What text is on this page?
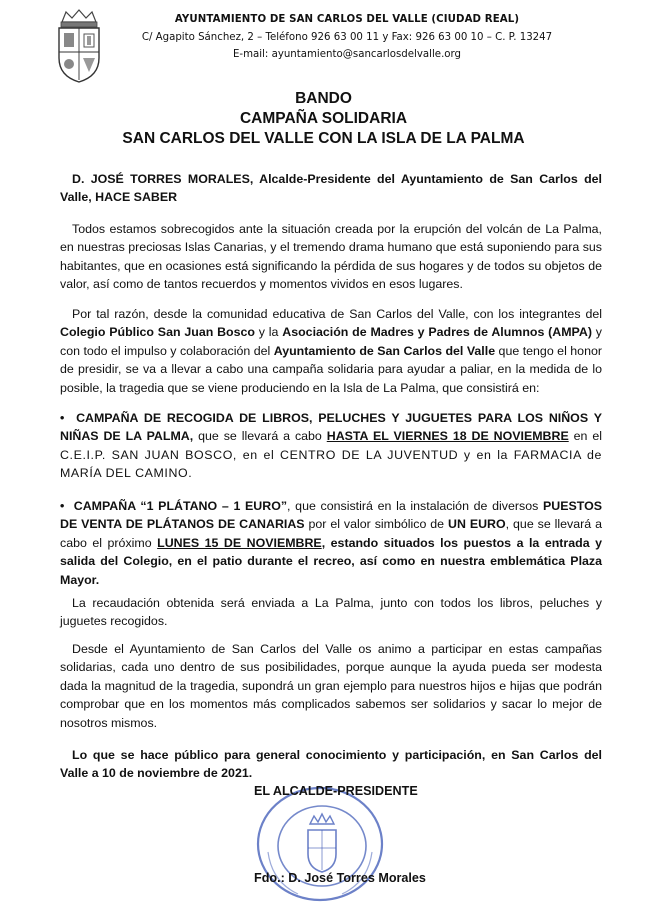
AYUNTAMIENTO DE SAN CARLOS DEL VALLE (CIUDAD REAL)
C/ Agapito Sánchez, 2 – Teléfono 926 63 00 11 y Fax: 926 63 00 10 – C. P. 13247
E-mail: ayuntamiento@sancarlosdelvalle.org
BANDO
CAMPAÑA SOLIDARIA
SAN CARLOS DEL VALLE CON LA ISLA DE LA PALMA
D. JOSÉ TORRES MORALES, Alcalde-Presidente del Ayuntamiento de San Carlos del Valle, HACE SABER
Todos estamos sobrecogidos ante la situación creada por la erupción del volcán de La Palma, en nuestras preciosas Islas Canarias, y el tremendo drama humano que está suponiendo para sus habitantes, que en ocasiones está significando la pérdida de sus hogares y de todos su objetos de valor, así como de tantos recuerdos y momentos vividos en esos lugares.
Por tal razón, desde la comunidad educativa de San Carlos del Valle, con los integrantes del Colegio Público San Juan Bosco y la Asociación de Madres y Padres de Alumnos (AMPA) y con todo el impulso y colaboración del Ayuntamiento de San Carlos del Valle que tengo el honor de presidir, se va a llevar a cabo una campaña solidaria para ayudar a paliar, en la medida de lo posible, la tragedia que se viene produciendo en la Isla de La Palma, que consistirá en:
•  CAMPAÑA DE RECOGIDA DE LIBROS, PELUCHES Y JUGUETES PARA LOS NIÑOS Y NIÑAS DE LA PALMA, que se llevará a cabo HASTA EL VIERNES 18 DE NOVIEMBRE en el C.E.I.P. SAN JUAN BOSCO, en el CENTRO DE LA JUVENTUD y en la FARMACIA de MARÍA DEL CAMINO.
•  CAMPAÑA “1 PLÁTANO – 1 EURO”, que consistirá en la instalación de diversos PUESTOS DE VENTA DE PLÁTANOS DE CANARIAS por el valor simbólico de UN EURO, que se llevará a cabo el próximo LUNES 15 DE NOVIEMBRE, estando situados los puestos a la entrada y salida del Colegio, en el patio durante el recreo, así como en nuestra emblemática Plaza Mayor.
La recaudación obtenida será enviada a La Palma, junto con todos los libros, peluches y juguetes recogidos.
Desde el Ayuntamiento de San Carlos del Valle os animo a participar en estas campañas solidarias, cada uno dentro de sus posibilidades, porque aunque la ayuda pueda ser modesta dada la magnitud de la tragedia, supondrá un gran ejemplo para nuestros hijos e hijas que podrán comprobar que en los momentos más complicados sabemos ser solidarios y sacar lo mejor de nosotros mismos.
Lo que se hace público para general conocimiento y participación, en San Carlos del Valle a 10 de noviembre de 2021.
EL ALCALDE-PRESIDENTE
Fdo.: D. José Torres Morales
